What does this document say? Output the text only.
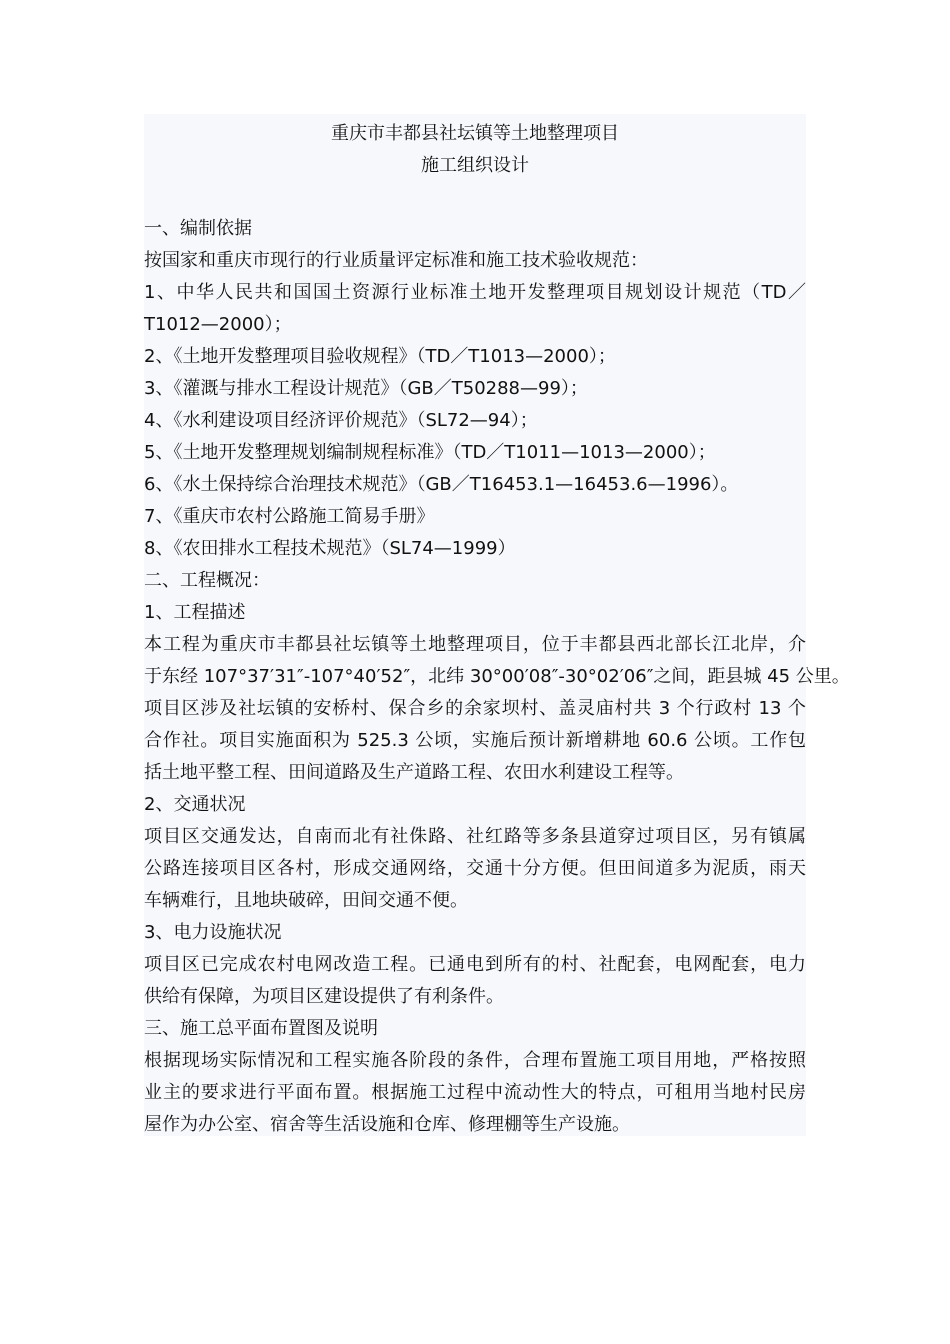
重庆市丰都县社坛镇等土地整理项目
施工组织设计
一、编制依据
按国家和重庆市现行的行业质量评定标准和施工技术验收规范：
1、中华人民共和国国土资源行业标准土地开发整理项目规划设计规范（TD／
T1012—2000）；
2、《土地开发整理项目验收规程》（TD／T1013—2000）；
3、《灌溉与排水工程设计规范》（GB／T50288—99）；
4、《水利建设项目经济评价规范》（SL72—94）；
5、《土地开发整理规划编制规程标准》（TD／T1011—1013—2000）；
6、《水土保持综合治理技术规范》（GB／T16453.1—16453.6—1996）。
7、《重庆市农村公路施工简易手册》
8、《农田排水工程技术规范》（SL74—1999）
二、工程概况：
1、工程描述
本工程为重庆市丰都县社坛镇等土地整理项目，位于丰都县西北部长江北岸，介
于东经 107°37′31″-107°40′52″，北纬 30°00′08″-30°02′06″之间，距县城 45 公里。
项目区涉及社坛镇的安桥村、保合乡的余家坝村、盖灵庙村共 3 个行政村 13 个
合作社。项目实施面积为 525.3 公顷，实施后预计新增耕地 60.6 公顷。工作包
括土地平整工程、田间道路及生产道路工程、农田水利建设工程等。
2、交通状况
项目区交通发达，自南而北有社侏路、社红路等多条县道穿过项目区，另有镇属
公路连接项目区各村，形成交通网络，交通十分方便。但田间道多为泥质，雨天
车辆难行，且地块破碎，田间交通不便。
3、电力设施状况
项目区已完成农村电网改造工程。已通电到所有的村、社配套，电网配套，电力
供给有保障，为项目区建设提供了有利条件。
三、施工总平面布置图及说明
根据现场实际情况和工程实施各阶段的条件，合理布置施工项目用地，严格按照
业主的要求进行平面布置。根据施工过程中流动性大的特点，可租用当地村民房
屋作为办公室、宿舍等生活设施和仓库、修理棚等生产设施。
